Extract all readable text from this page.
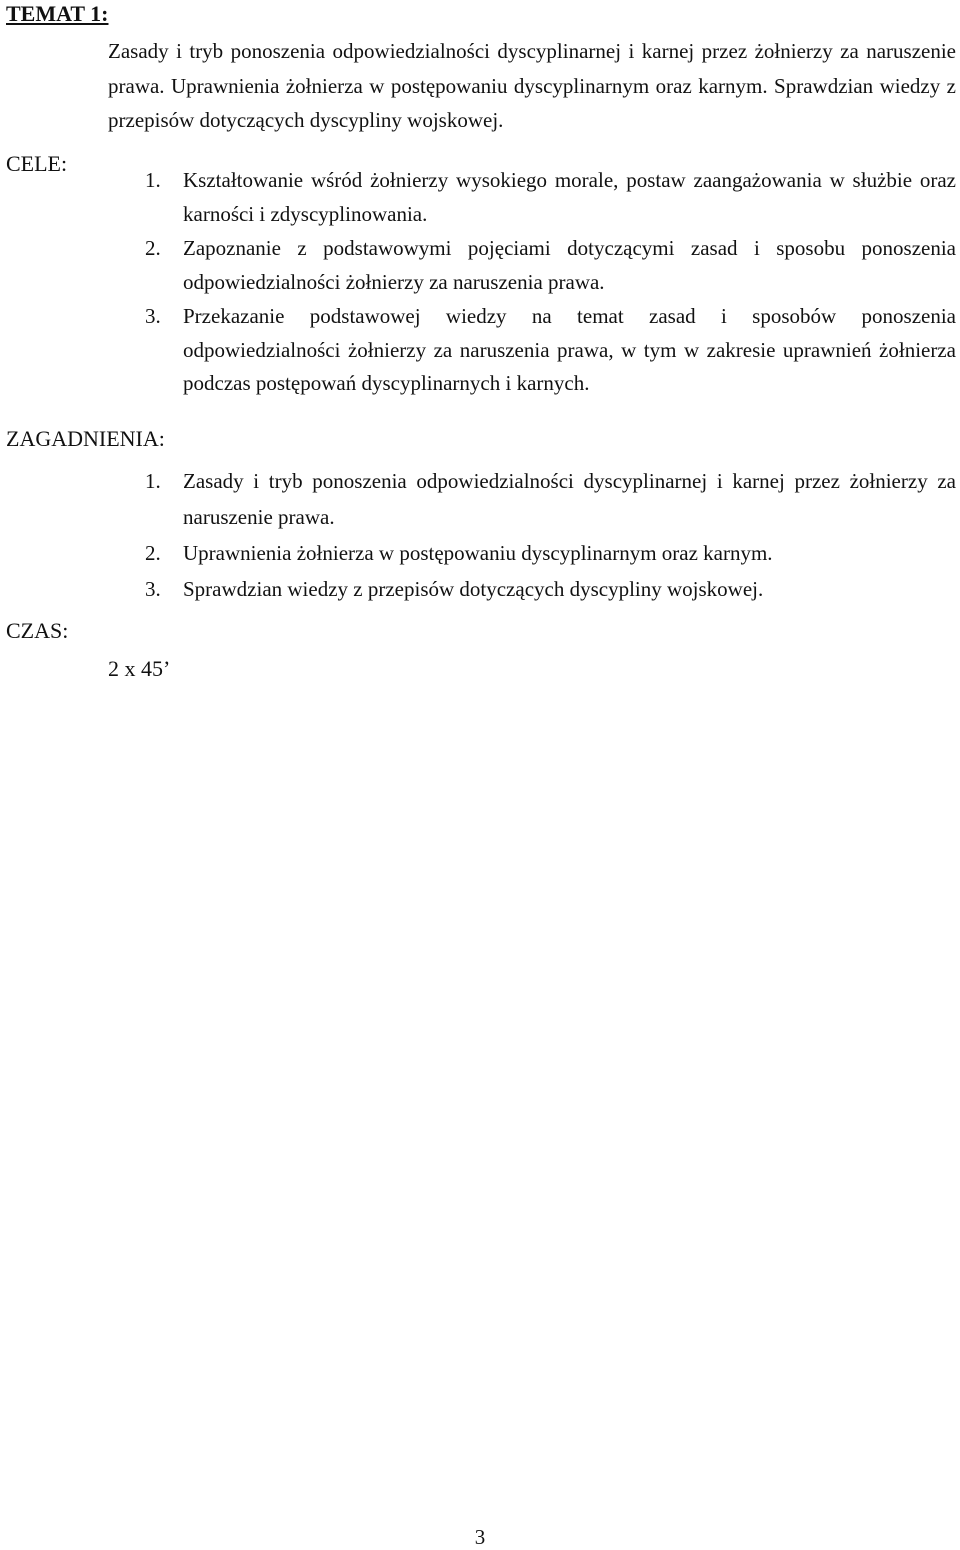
TEMAT 1:
Zasady i tryb ponoszenia odpowiedzialności dyscyplinarnej i karnej przez żołnierzy za naruszenie prawa. Uprawnienia żołnierza w postępowaniu dyscyplinarnym oraz karnym. Sprawdzian wiedzy z przepisów dotyczących dyscypliny wojskowej.
CELE:
1. Kształtowanie wśród żołnierzy wysokiego morale, postaw zaangażowania w służbie oraz karności i zdyscyplinowania.
2. Zapoznanie z podstawowymi pojęciami dotyczącymi zasad i sposobu ponoszenia odpowiedzialności żołnierzy za naruszenia prawa.
3. Przekazanie podstawowej wiedzy na temat zasad i sposobów ponoszenia odpowiedzialności żołnierzy za naruszenia prawa, w tym w zakresie uprawnień żołnierza podczas postępowań dyscyplinarnych i karnych.
ZAGADNIENIA:
1. Zasady i tryb ponoszenia odpowiedzialności dyscyplinarnej i karnej przez żołnierzy za naruszenie prawa.
2. Uprawnienia żołnierza w postępowaniu dyscyplinarnym oraz karnym.
3. Sprawdzian wiedzy z przepisów dotyczących dyscypliny wojskowej.
CZAS:
2 x 45’
3
